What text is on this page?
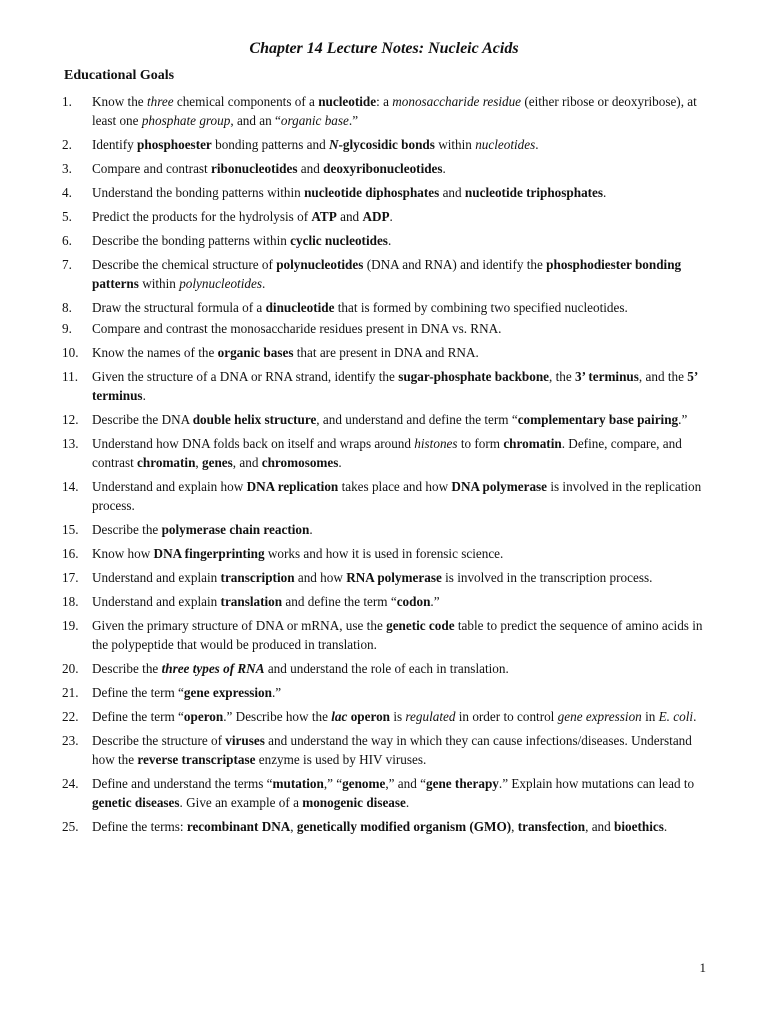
Chapter 14 Lecture Notes: Nucleic Acids
Educational Goals
1. Know the three chemical components of a nucleotide: a monosaccharide residue (either ribose or deoxyribose), at least one phosphate group, and an “organic base.”
2. Identify phosphoester bonding patterns and N-glycosidic bonds within nucleotides.
3. Compare and contrast ribonucleotides and deoxyribonucleotides.
4. Understand the bonding patterns within nucleotide diphosphates and nucleotide triphosphates.
5. Predict the products for the hydrolysis of ATP and ADP.
6. Describe the bonding patterns within cyclic nucleotides.
7. Describe the chemical structure of polynucleotides (DNA and RNA) and identify the phosphodiester bonding patterns within polynucleotides.
8. Draw the structural formula of a dinucleotide that is formed by combining two specified nucleotides.
9. Compare and contrast the monosaccharide residues present in DNA vs. RNA.
10. Know the names of the organic bases that are present in DNA and RNA.
11. Given the structure of a DNA or RNA strand, identify the sugar-phosphate backbone, the 3’ terminus, and the 5’ terminus.
12. Describe the DNA double helix structure, and understand and define the term “complementary base pairing.”
13. Understand how DNA folds back on itself and wraps around histones to form chromatin. Define, compare, and contrast chromatin, genes, and chromosomes.
14. Understand and explain how DNA replication takes place and how DNA polymerase is involved in the replication process.
15. Describe the polymerase chain reaction.
16. Know how DNA fingerprinting works and how it is used in forensic science.
17. Understand and explain transcription and how RNA polymerase is involved in the transcription process.
18. Understand and explain translation and define the term “codon.”
19. Given the primary structure of DNA or mRNA, use the genetic code table to predict the sequence of amino acids in the polypeptide that would be produced in translation.
20. Describe the three types of RNA and understand the role of each in translation.
21. Define the term “gene expression.”
22. Define the term “operon.” Describe how the lac operon is regulated in order to control gene expression in E. coli.
23. Describe the structure of viruses and understand the way in which they can cause infections/diseases. Understand how the reverse transcriptase enzyme is used by HIV viruses.
24. Define and understand the terms “mutation,” “genome,” and “gene therapy.” Explain how mutations can lead to genetic diseases. Give an example of a monogenic disease.
25. Define the terms: recombinant DNA, genetically modified organism (GMO), transfection, and bioethics.
1
